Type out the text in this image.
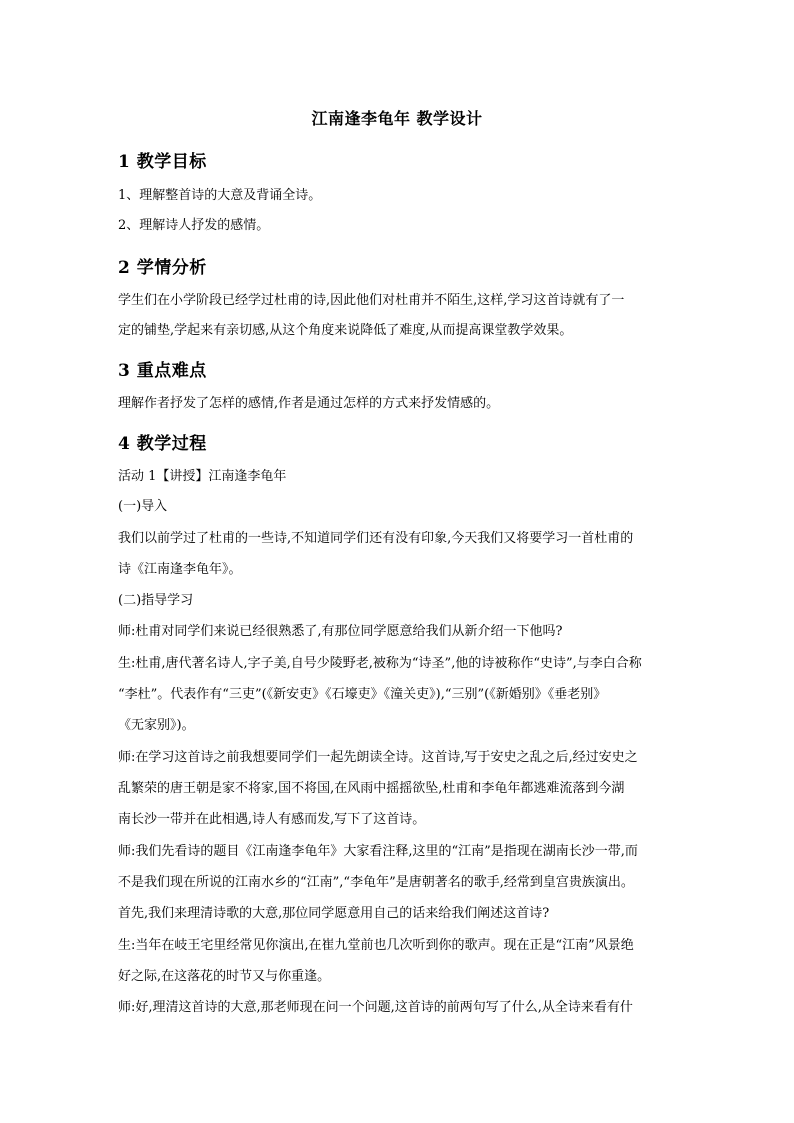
江南逢李龟年 教学设计
1 教学目标
1、理解整首诗的大意及背诵全诗。
2、理解诗人抒发的感情。
2 学情分析
学生们在小学阶段已经学过杜甫的诗,因此他们对杜甫并不陌生,这样,学习这首诗就有了一
定的铺垫,学起来有亲切感,从这个角度来说降低了难度,从而提高课堂教学效果。
3 重点难点
理解作者抒发了怎样的感情,作者是通过怎样的方式来抒发情感的。
4 教学过程
活动 1【讲授】江南逢李龟年
(一)导入
我们以前学过了杜甫的一些诗,不知道同学们还有没有印象,今天我们又将要学习一首杜甫的
诗《江南逢李龟年》。
(二)指导学习
师:杜甫对同学们来说已经很熟悉了,有那位同学愿意给我们从新介绍一下他吗?
生:杜甫,唐代著名诗人,字子美,自号少陵野老,被称为“诗圣”,他的诗被称作“史诗”,与李白合称
“李杜”。代表作有“三吏”(《新安吏》《石壕吏》《潼关吏》),“三别”(《新婚别》《垂老别》
《无家别》)。
师:在学习这首诗之前我想要同学们一起先朗读全诗。这首诗,写于安史之乱之后,经过安史之
乱繁荣的唐王朝是家不将家,国不将国,在风雨中摇摇欲坠,杜甫和李龟年都逃难流落到今湖
南长沙一带并在此相遇,诗人有感而发,写下了这首诗。
师:我们先看诗的题目《江南逢李龟年》大家看注释,这里的“江南”是指现在湖南长沙一带,而
不是我们现在所说的江南水乡的“江南”,“李龟年”是唐朝著名的歌手,经常到皇宫贵族演出。
首先,我们来理清诗歌的大意,那位同学愿意用自己的话来给我们阐述这首诗?
生:当年在岐王宅里经常见你演出,在崔九堂前也几次听到你的歌声。现在正是“江南”风景绝
好之际,在这落花的时节又与你重逢。
师:好,理清这首诗的大意,那老师现在问一个问题,这首诗的前两句写了什么,从全诗来看有什
